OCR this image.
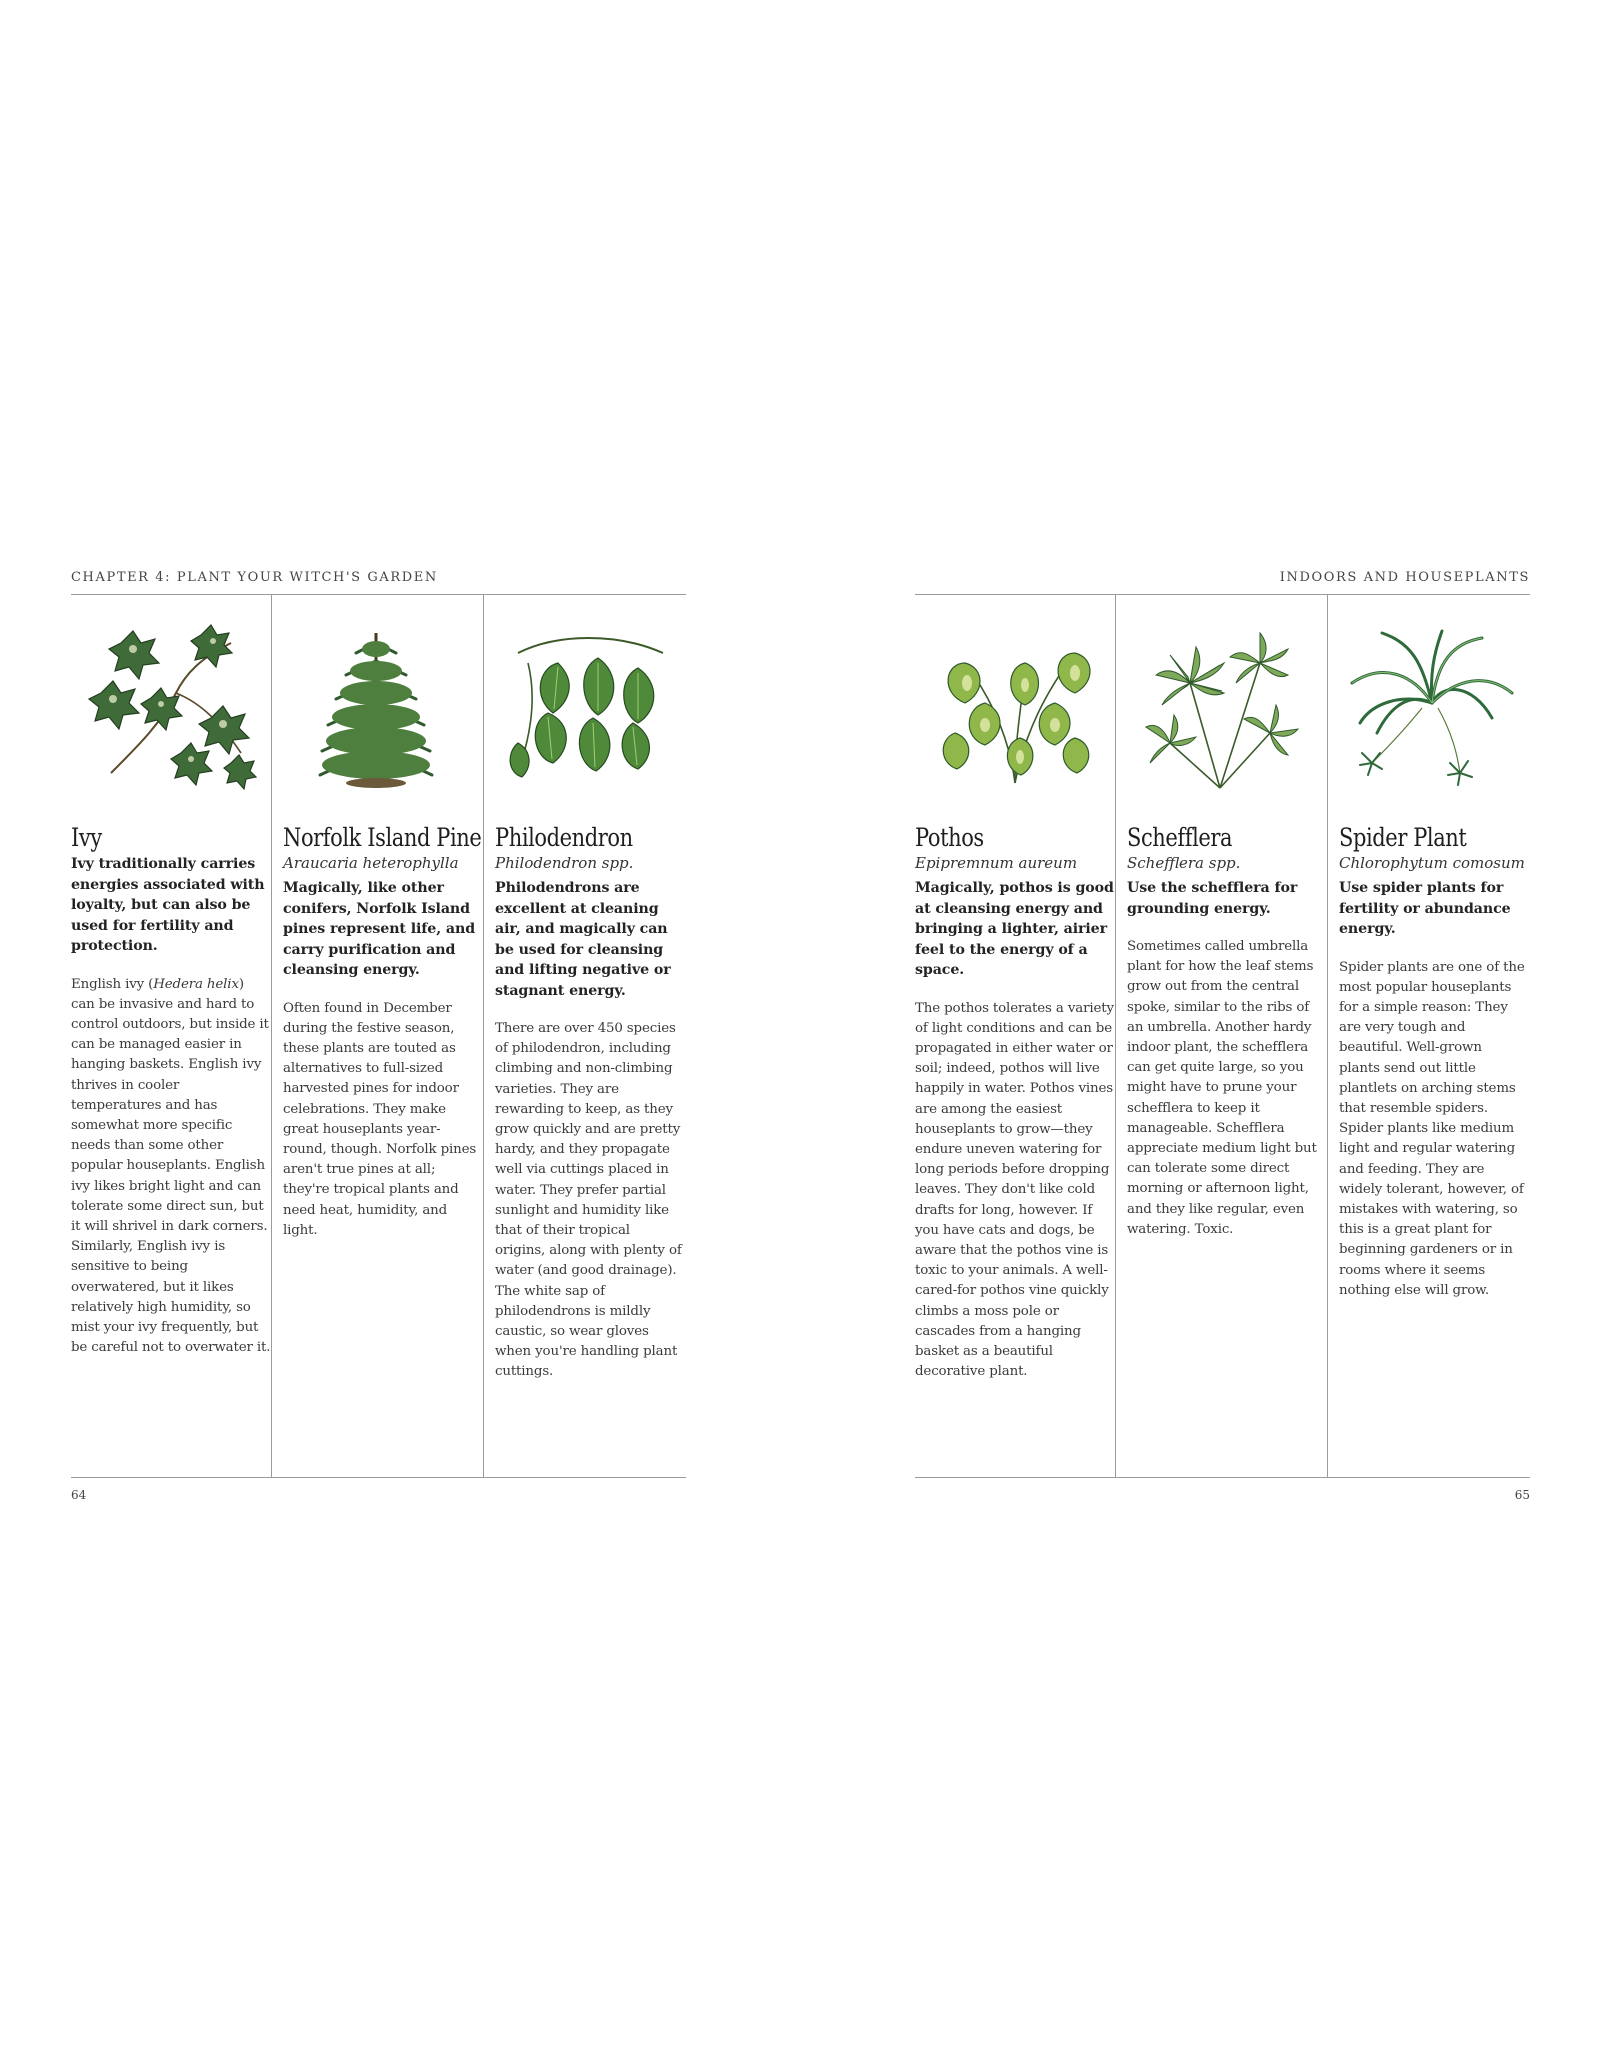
CHAPTER 4: PLANT YOUR WITCH'S GARDEN
Ivy

Ivy traditionally carries energies associated with loyalty, but can also be used for fertility and protection.

English ivy (Hedera helix) can be invasive and hard to control outdoors, but inside it can be managed easier in hanging baskets. English ivy thrives in cooler temperatures and has somewhat more specific needs than some other popular houseplants. English ivy likes bright light and can tolerate some direct sun, but it will shrivel in dark corners. Similarly, English ivy is sensitive to being overwatered, but it likes relatively high humidity, so mist your ivy frequently, but be careful not to overwater it.

Norfolk Island Pine

Araucaria heterophylla

Magically, like other conifers, Norfolk Island pines represent life, and carry purification and cleansing energy.

Often found in December during the festive season, these plants are touted as alternatives to full-sized harvested pines for indoor celebrations. They make great houseplants year-round, though. Norfolk pines aren't true pines at all; they're tropical plants and need heat, humidity, and light.

Philodendron

Philodendron spp.

Philodendrons are excellent at cleaning air, and magically can be used for cleansing and lifting negative or stagnant energy.

There are over 450 species of philodendron, including climbing and non-climbing varieties. They are rewarding to keep, as they grow quickly and are pretty hardy, and they propagate well via cuttings placed in water. They prefer partial sunlight and humidity like that of their tropical origins, along with plenty of water (and good drainage). The white sap of philodendrons is mildly caustic, so wear gloves when you're handling plant cuttings.

64
INDOORS AND HOUSEPLANTS
Pothos

Epipremnum aureum

Magically, pothos is good at cleansing energy and bringing a lighter, airier feel to the energy of a space.

The pothos tolerates a variety of light conditions and can be propagated in either water or soil; indeed, pothos will live happily in water. Pothos vines are among the easiest houseplants to grow—they endure uneven watering for long periods before dropping leaves. They don't like cold drafts for long, however. If you have cats and dogs, be aware that the pothos vine is toxic to your animals. A well-cared-for pothos vine quickly climbs a moss pole or cascades from a hanging basket as a beautiful decorative plant.

Schefflera

Schefflera spp.

Use the schefflera for grounding energy.

Sometimes called umbrella plant for how the leaf stems grow out from the central spoke, similar to the ribs of an umbrella. Another hardy indoor plant, the schefflera can get quite large, so you might have to prune your schefflera to keep it manageable. Schefflera appreciate medium light but can tolerate some direct morning or afternoon light, and they like regular, even watering. Toxic.

Spider Plant

Chlorophytum comosum

Use spider plants for fertility or abundance energy.

Spider plants are one of the most popular houseplants for a simple reason: They are very tough and beautiful. Well-grown plants send out little plantlets on arching stems that resemble spiders. Spider plants like medium light and regular watering and feeding. They are widely tolerant, however, of mistakes with watering, so this is a great plant for beginning gardeners or in rooms where it seems nothing else will grow.

65
